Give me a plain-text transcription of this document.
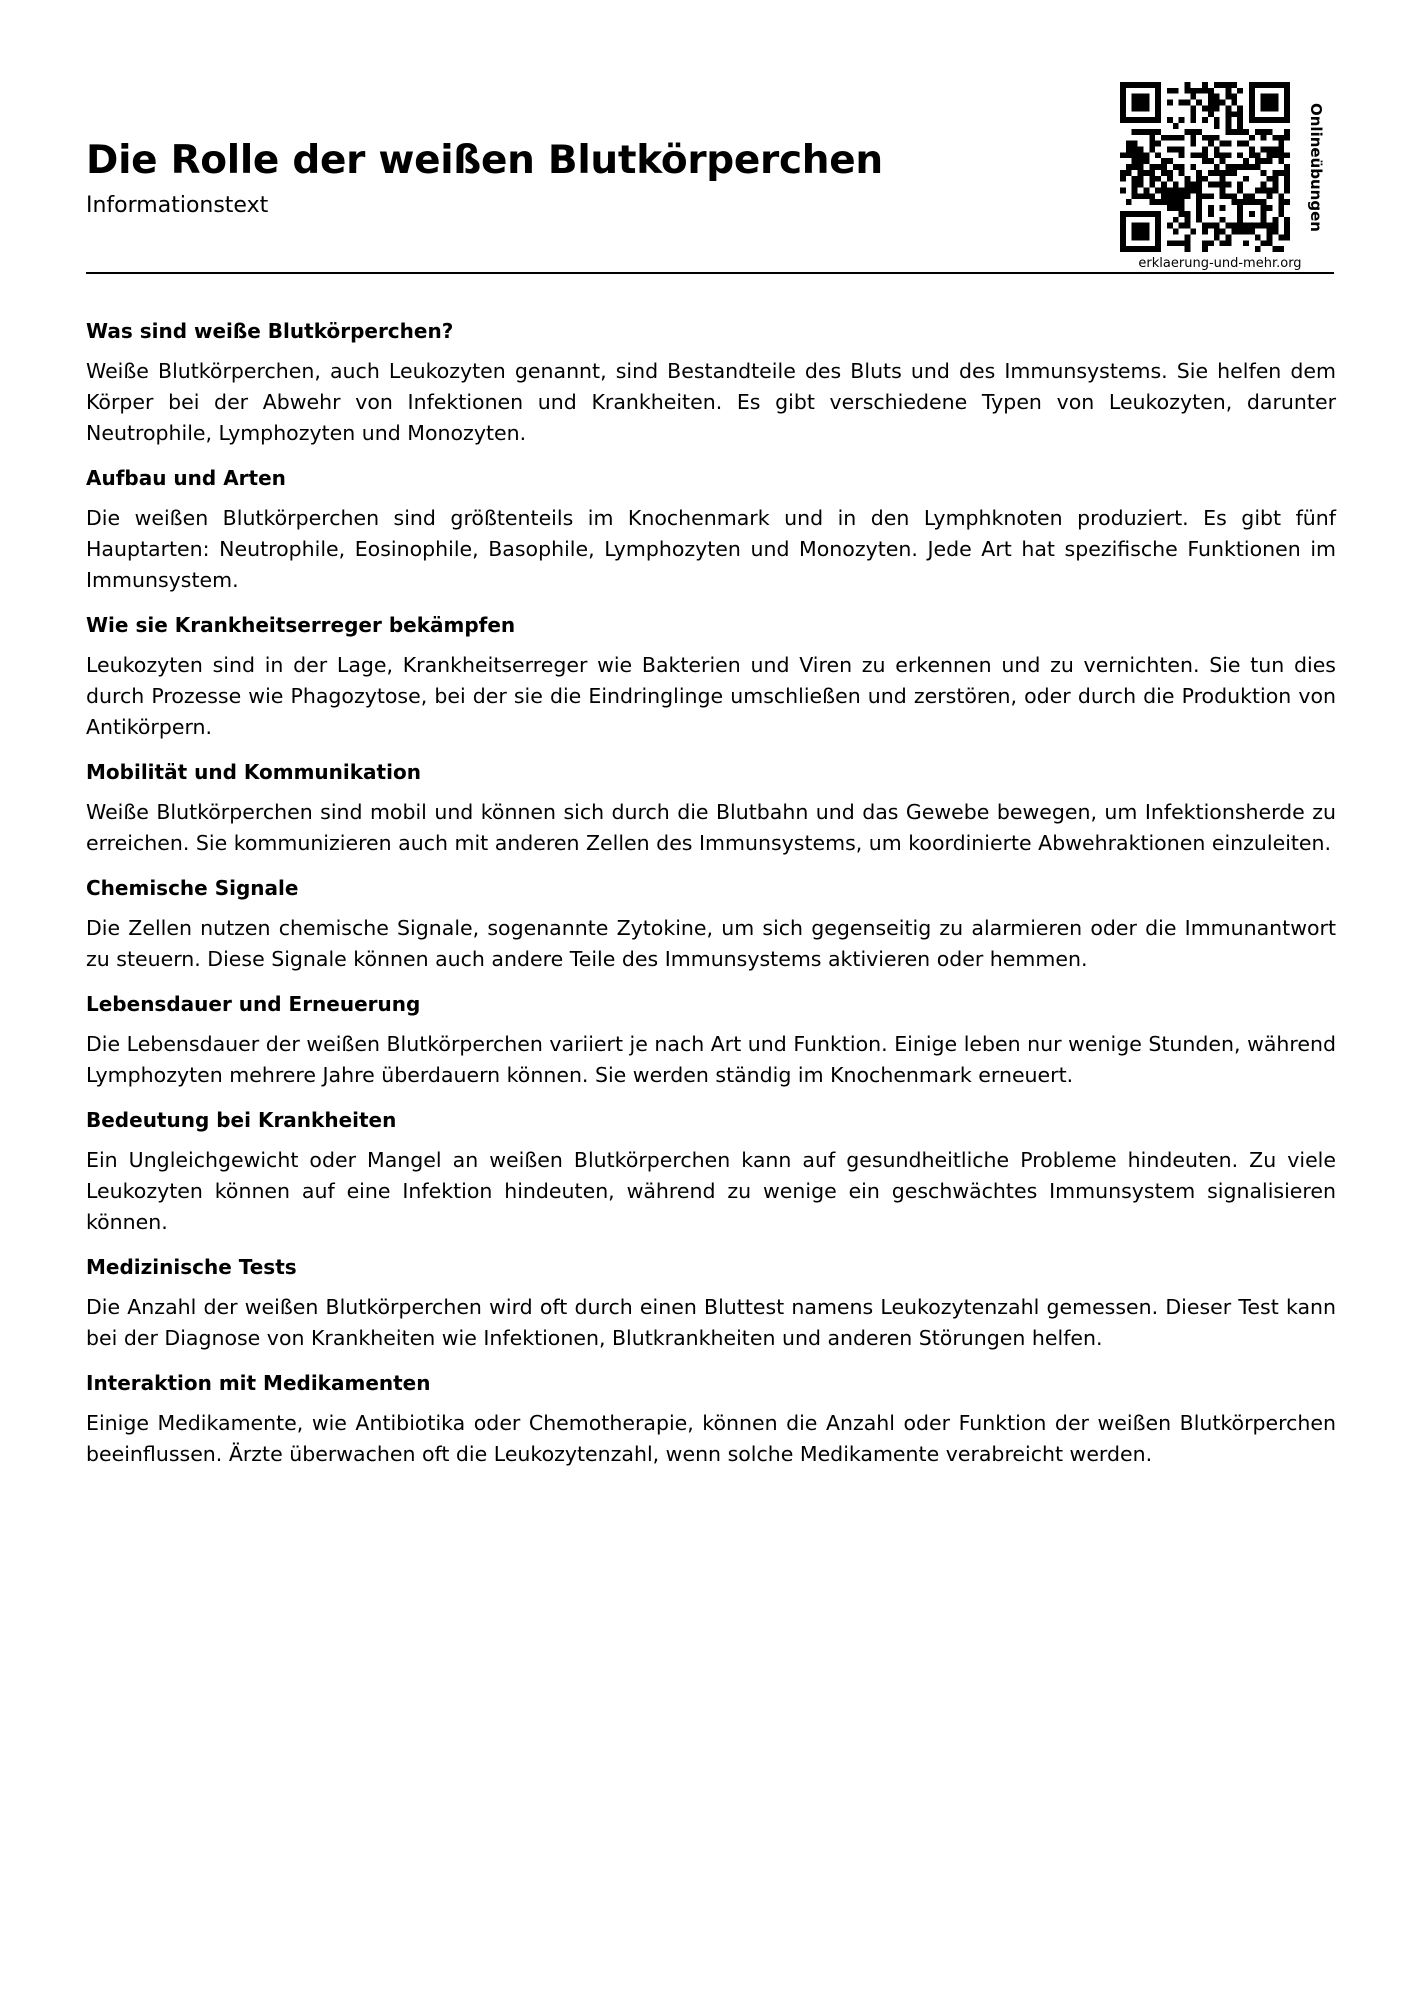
Die Rolle der weißen Blutkörperchen
Informationstext	Onlineübungen
erklaerung-und-mehr.org
Was sind weiße Blutkörperchen?

Weiße Blutkörperchen, auch Leukozyten genannt, sind Bestandteile des Bluts und des Immunsystems. Sie helfen dem Körper bei der Abwehr von Infektionen und Krankheiten. Es gibt verschiedene Typen von Leukozyten, darunter Neutrophile, Lymphozyten und Monozyten.

Aufbau und Arten

Die weißen Blutkörperchen sind größtenteils im Knochenmark und in den Lymphknoten produziert. Es gibt fünf Hauptarten: Neutrophile, Eosinophile, Basophile, Lymphozyten und Monozyten. Jede Art hat spezifische Funktionen im Immunsystem.

Wie sie Krankheitserreger bekämpfen

Leukozyten sind in der Lage, Krankheitserreger wie Bakterien und Viren zu erkennen und zu vernichten. Sie tun dies durch Prozesse wie Phagozytose, bei der sie die Eindringlinge umschließen und zerstören, oder durch die Produktion von Antikörpern.

Mobilität und Kommunikation

Weiße Blutkörperchen sind mobil und können sich durch die Blutbahn und das Gewebe bewegen, um Infektionsherde zu erreichen. Sie kommunizieren auch mit anderen Zellen des Immunsystems, um koordinierte Abwehraktionen einzuleiten.

Chemische Signale

Die Zellen nutzen chemische Signale, sogenannte Zytokine, um sich gegenseitig zu alarmieren oder die Immunantwort zu steuern. Diese Signale können auch andere Teile des Immunsystems aktivieren oder hemmen.

Lebensdauer und Erneuerung

Die Lebensdauer der weißen Blutkörperchen variiert je nach Art und Funktion. Einige leben nur wenige Stunden, während Lymphozyten mehrere Jahre überdauern können. Sie werden ständig im Knochenmark erneuert.

Bedeutung bei Krankheiten

Ein Ungleichgewicht oder Mangel an weißen Blutkörperchen kann auf gesundheitliche Probleme hindeuten. Zu viele Leukozyten können auf eine Infektion hindeuten, während zu wenige ein geschwächtes Immunsystem signalisieren können.

Medizinische Tests

Die Anzahl der weißen Blutkörperchen wird oft durch einen Bluttest namens Leukozytenzahl gemessen. Dieser Test kann bei der Diagnose von Krankheiten wie Infektionen, Blutkrankheiten und anderen Störungen helfen.

Interaktion mit Medikamenten

Einige Medikamente, wie Antibiotika oder Chemotherapie, können die Anzahl oder Funktion der weißen Blutkörperchen beeinflussen. Ärzte überwachen oft die Leukozytenzahl, wenn solche Medikamente verabreicht werden.
